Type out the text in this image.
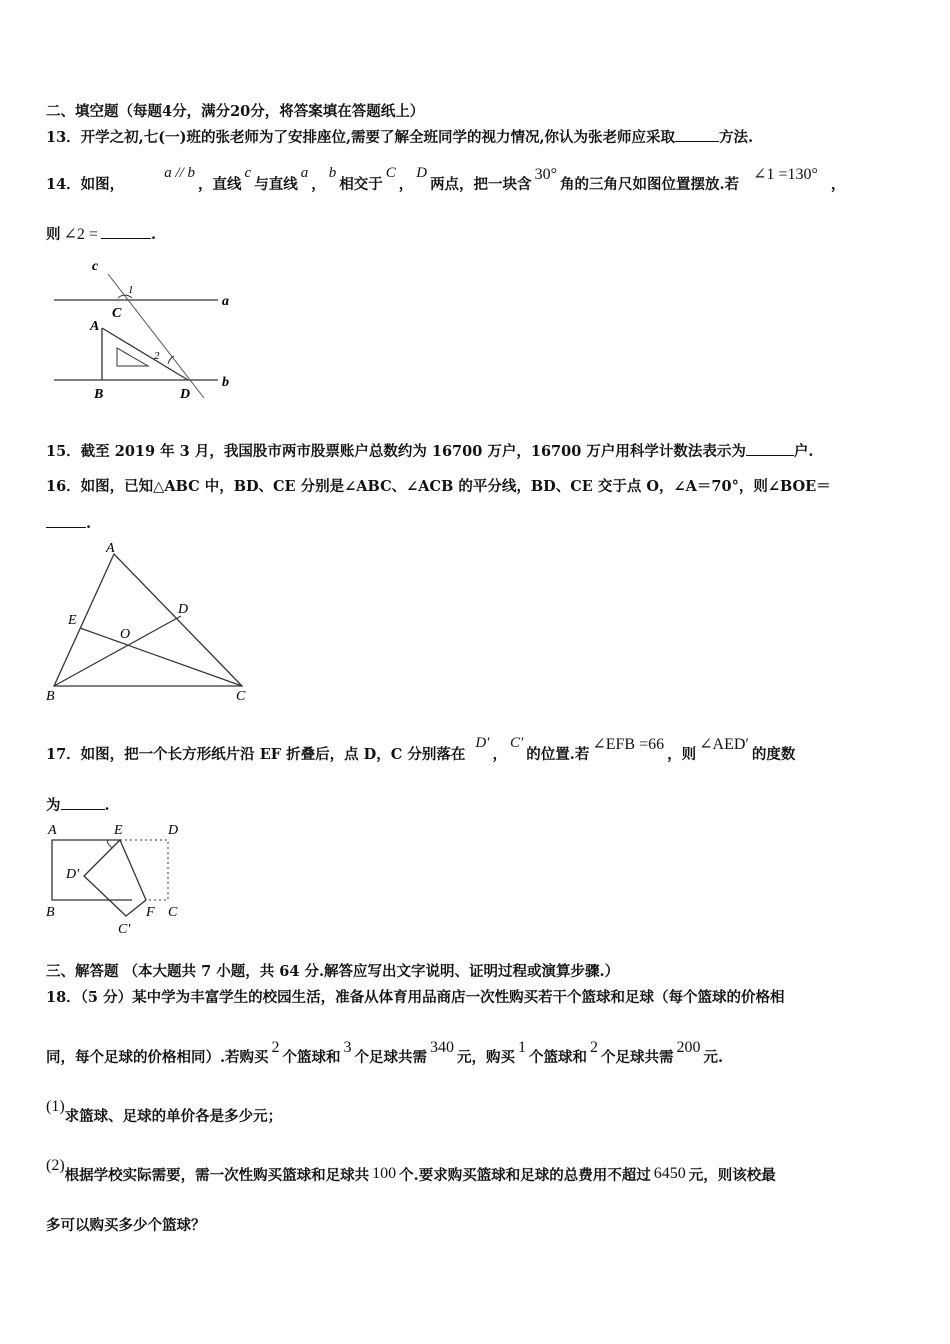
二、填空题（每题4分，满分20分，将答案填在答题纸上）
13．开学之初,七(一)班的张老师为了安排座位,需要了解全班同学的视力情况,你认为张老师应采取	方法.
14．如图，a // b，直线c与直线a，b相交于C，D两点，把一块含30°角的三角尺如图位置摆放.若∠1 =130°，
则 ∠2 =	.
c
a
b
1
2
C
A
B	D
15．截至 2019 年 3 月，我国股市两市股票账户总数约为 16700 万户，16700 万户用科学计数法表示为	户.
16．如图，已知△ABC 中，BD、CE 分别是∠ABC、∠ACB 的平分线，BD、CE 交于点 O，∠A＝70°，则∠BOE＝
.
A
B	C
D
E
O
17．如图，把一个长方形纸片沿 EF 折叠后，点 D，C 分别落在D′，C′的位置.若∠EFB =66，则∠AED′的度数
为	.
A	E	D
D'
B	F C
C'
三、解答题 （本大题共 7 小题，共 64 分.解答应写出文字说明、证明过程或演算步骤.）
18．（5 分）某中学为丰富学生的校园生活，准备从体育用品商店一次性购买若干个篮球和足球（每个篮球的价格相
同，每个足球的价格相同）.若购买2个篮球和3个足球共需340元，购买1个篮球和2个足球共需200元.
(1)求篮球、足球的单价各是多少元；
(2)根据学校实际需要，需一次性购买篮球和足球共 100 个.要求购买篮球和足球的总费用不超过 6450 元，则该校最
多可以购买多少个篮球？
